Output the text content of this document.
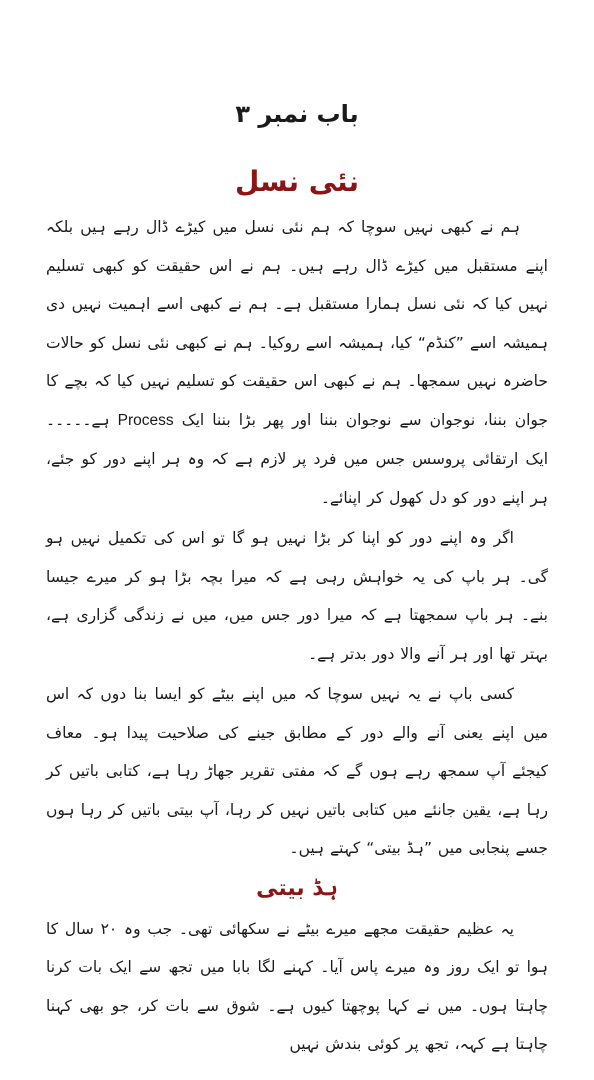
باب نمبر ۳
نئی نسل

ہم نے کبھی نہیں سوچا کہ ہم نئی نسل میں کیڑے ڈال رہے ہیں بلکہ اپنے مستقبل میں کیڑے ڈال رہے ہیں۔ ہم نے اس حقیقت کو کبھی تسلیم نہیں کیا کہ نئی نسل ہمارا مستقبل ہے۔ ہم نے کبھی اسے اہمیت نہیں دی ہمیشہ اسے ”کنڈم“ کیا، ہمیشہ اسے روکیا۔ ہم نے کبھی نئی نسل کو حالات حاضرہ نہیں سمجھا۔ ہم نے کبھی اس حقیقت کو تسلیم نہیں کیا کہ بچے کا جوان بننا، نوجوان سے نوجوان بننا اور پھر بڑا بننا ایک Process ہے۔۔۔۔۔ ایک ارتقائی پروسس جس میں فرد پر لازم ہے کہ وہ ہر اپنے دور کو جئے، ہر اپنے دور کو دل کھول کر اپنائے۔

اگر وہ اپنے دور کو اپنا کر بڑا نہیں ہو گا تو اس کی تکمیل نہیں ہو گی۔ ہر باپ کی یہ خواہش رہی ہے کہ میرا بچہ بڑا ہو کر میرے جیسا بنے۔ ہر باپ سمجھتا ہے کہ میرا دور جس میں، میں نے زندگی گزاری ہے، بہتر تھا اور ہر آنے والا دور بدتر ہے۔

کسی باپ نے یہ نہیں سوچا کہ میں اپنے بیٹے کو ایسا بنا دوں کہ اس میں اپنے یعنی آنے والے دور کے مطابق جینے کی صلاحیت پیدا ہو۔ معاف کیجئے آپ سمجھ رہے ہوں گے کہ مفتی تقریر جھاڑ رہا ہے، کتابی باتیں کر رہا ہے، یقین جانئے میں کتابی باتیں نہیں کر رہا، آپ بیتی باتیں کر رہا ہوں جسے پنجابی میں ”ہڈ بیتی“ کہتے ہیں۔

ہڈ بیتی

یہ عظیم حقیقت مجھے میرے بیٹے نے سکھائی تھی۔ جب وہ ۲۰ سال کا ہوا تو ایک روز وہ میرے پاس آیا۔ کہنے لگا بابا میں تجھ سے ایک بات کرنا چاہتا ہوں۔ میں نے کہا پوچھتا کیوں ہے۔ شوق سے بات کر، جو بھی کہنا چاہتا ہے کہہ، تجھ پر کوئی بندش نہیں
